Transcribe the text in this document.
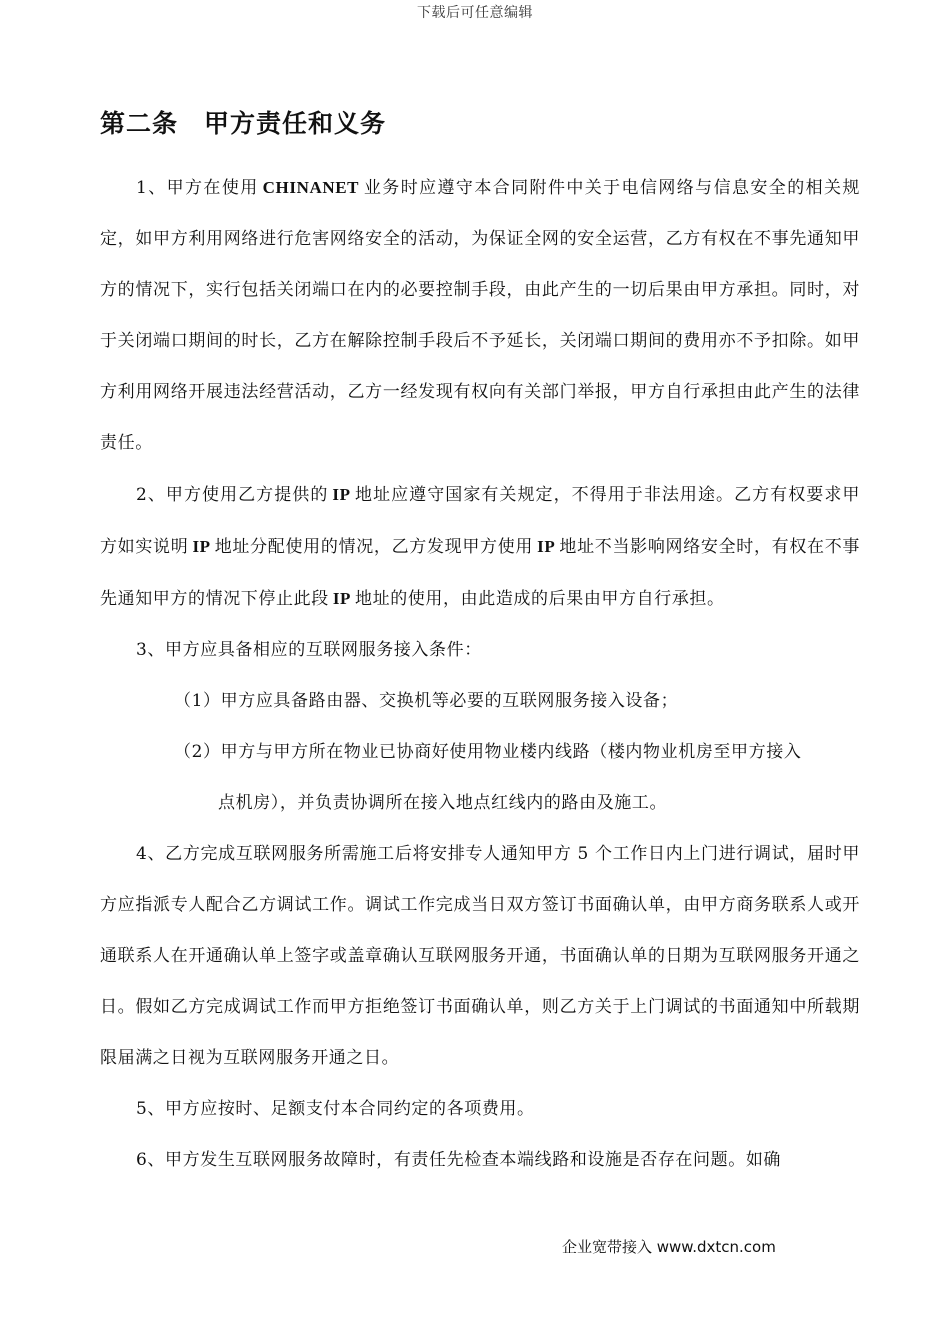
下载后可任意编辑
第二条　甲方责任和义务

1、甲方在使用 CHINANET 业务时应遵守本合同附件中关于电信网络与信息安全的相关规定，如甲方利用网络进行危害网络安全的活动，为保证全网的安全运营，乙方有权在不事先通知甲方的情况下，实行包括关闭端口在内的必要控制手段，由此产生的一切后果由甲方承担。同时，对于关闭端口期间的时长，乙方在解除控制手段后不予延长，关闭端口期间的费用亦不予扣除。如甲方利用网络开展违法经营活动，乙方一经发现有权向有关部门举报，甲方自行承担由此产生的法律责任。

2、甲方使用乙方提供的 IP 地址应遵守国家有关规定，不得用于非法用途。乙方有权要求甲方如实说明 IP 地址分配使用的情况，乙方发现甲方使用 IP 地址不当影响网络安全时，有权在不事先通知甲方的情况下停止此段 IP 地址的使用，由此造成的后果由甲方自行承担。

3、甲方应具备相应的互联网服务接入条件：

（1）甲方应具备路由器、交换机等必要的互联网服务接入设备；

（2）甲方与甲方所在物业已协商好使用物业楼内线路（楼内物业机房至甲方接入
点机房），并负责协调所在接入地点红线内的路由及施工。

4、乙方完成互联网服务所需施工后将安排专人通知甲方 5 个工作日内上门进行调试，届时甲方应指派专人配合乙方调试工作。调试工作完成当日双方签订书面确认单，由甲方商务联系人或开通联系人在开通确认单上签字或盖章确认互联网服务开通，书面确认单的日期为互联网服务开通之日。假如乙方完成调试工作而甲方拒绝签订书面确认单，则乙方关于上门调试的书面通知中所载期限届满之日视为互联网服务开通之日。

5、甲方应按时、足额支付本合同约定的各项费用。

6、甲方发生互联网服务故障时，有责任先检查本端线路和设施是否存在问题。如确

企业宽带接入 www.dxtcn.com
